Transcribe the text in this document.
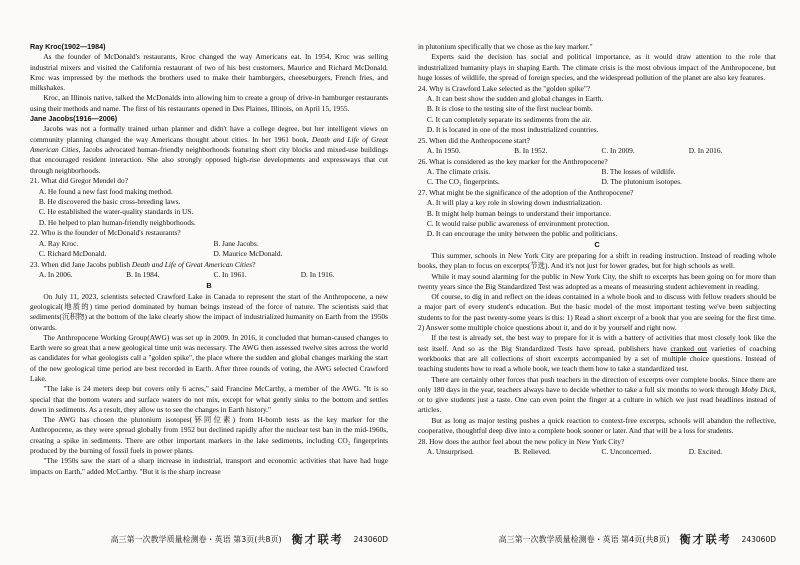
Ray Kroc(1902—1984)

As the founder of McDonald's restaurants, Kroc changed the way Americans eat. In 1954, Kroc was selling industrial mixers and visited the California restaurant of two of his best customers, Maurice and Richard McDonald. Kroc was impressed by the methods the brothers used to make their hamburgers, cheeseburgers, French fries, and milkshakes.

Kroc, an Illinois native, talked the McDonalds into allowing him to create a group of drive-in hamburger restaurants using their methods and name. The first of his restaurants opened in Des Plaines, Illinois, on April 15, 1955.

Jane Jacobs(1916—2006)

Jacobs was not a formally trained urban planner and didn't have a college degree, but her intelligent views on community planning changed the way Americans thought about cities. In her 1961 book, Death and Life of Great American Cities, Jacobs advocated human-friendly neighborhoods featuring short city blocks and mixed-use buildings that encouraged resident interaction. She also strongly opposed high-rise developments and expressways that cut through neighborhoods.

21. What did Gregor Mendel do?

A. He found a new fast food making method.
B. He discovered the basic cross-breeding laws.
C. He established the water-quality standards in US.
D. He helped to plan human-friendly neighborhoods.

22. Who is the founder of McDonald's restaurants?

A. Ray Kroc.	B. Jane Jacobs.
C. Richard McDonald.	D. Maurice McDonald.

23. When did Jane Jacobs publish Death and Life of Great American Cities?

A. In 2006.	B. In 1984.	C. In 1961.	D. In 1916.

B

On July 11, 2023, scientists selected Crawford Lake in Canada to represent the start of the Anthropocene, a new geological(地质的) time period dominated by human beings instead of the force of nature. The scientists said that sediments(沉积物) at the bottom of the lake clearly show the impact of industrialized humanity on Earth from the 1950s onwards.

The Anthropocene Working Group(AWG) was set up in 2009. In 2016, it concluded that human-caused changes to Earth were so great that a new geological time unit was necessary. The AWG then assessed twelve sites across the world as candidates for what geologists call a "golden spike", the place where the sudden and global changes marking the start of the new geological time period are best recorded in Earth. After three rounds of voting, the AWG selected Crawford Lake.

"The lake is 24 meters deep but covers only 6 acres," said Francine McCarthy, a member of the AWG. "It is so special that the bottom waters and surface waters do not mix, except for what gently sinks to the bottom and settles down in sediments. As a result, they allow us to see the changes in Earth history."

The AWG has chosen the plutonium isotopes(钚同位素) from H-bomb tests as the key marker for the Anthropocene, as they were spread globally from 1952 but declined rapidly after the nuclear test ban in the mid-1960s, creating a spike in sediments. There are other important markers in the lake sediments, including CO₂ fingerprints produced by the burning of fossil fuels in power plants.

"The 1950s saw the start of a sharp increase in industrial, transport and economic activities that have had huge impacts on Earth," added McCarthy. "But it is the sharp increase

in plutonium specifically that we chose as the key marker."

Experts said the decision has social and political importance, as it would draw attention to the role that industrialized humanity plays in shaping Earth. The climate crisis is the most obvious impact of the Anthropocene, but huge losses of wildlife, the spread of foreign species, and the widespread pollution of the planet are also key features.

24. Why is Crawford Lake selected as the "golden spike"?

A. It can best show the sudden and global changes in Earth.
B. It is close to the testing site of the first nuclear bomb.
C. It can completely separate its sediments from the air.
D. It is located in one of the most industrialized countries.

25. When did the Anthropocene start?

A. In 1950.	B. In 1952.	C. In 2009.	D. In 2016.

26. What is considered as the key marker for the Anthropocene?

A. The climate crisis.	B. The losses of wildlife.
C. The CO₂ fingerprints.	D. The plutonium isotopes.

27. What might be the significance of the adoption of the Anthropocene?

A. It will play a key role in slowing down industrialization.
B. It might help human beings to understand their importance.
C. It would raise public awareness of environment protection.
D. It can encourage the unity between the public and politicians.

C

This summer, schools in New York City are preparing for a shift in reading instruction. Instead of reading whole books, they plan to focus on excerpts(节选). And it's not just for lower grades, but for high schools as well.

While it may sound alarming for the public in New York City, the shift to excerpts has been going on for more than twenty years since the Big Standardized Test was adopted as a means of measuring student achievement in reading.

Of course, to dig in and reflect on the ideas contained in a whole book and to discuss with fellow readers should be a major part of every student's education. But the basic model of the most important testing we've been subjecting students to for the past twenty-some years is this: 1) Read a short excerpt of a book that you are seeing for the first time. 2) Answer some multiple choice questions about it, and do it by yourself and right now.

If the test is already set, the best way to prepare for it is with a battery of activities that most closely look like the test itself. And so as the Big Standardized Tests have spread, publishers have cranked out varieties of coaching workbooks that are all collections of short excerpts accompanied by a set of multiple choice questions. Instead of teaching students how to read a whole book, we teach them how to take a standardized test.

There are certainly other forces that push teachers in the direction of excerpts over complete books. Since there are only 180 days in the year, teachers always have to decide whether to take a full six months to work through Moby Dick, or to give students just a taste. One can even point the finger at a culture in which we just read headlines instead of articles.

But as long as major testing pushes a quick reaction to context-free excerpts, schools will abandon the reflective, cooperative, thoughtful deep dive into a complete book sooner or later. And that will be a loss for students.

28. How does the author feel about the new policy in New York City?

A. Unsurprised.	B. Relieved.	C. Unconcerned.	D. Excited.
高三第一次教学质量检测卷・英语 第3页(共8页) 衡才联考 243060D	高三第一次教学质量检测卷・英语 第4页(共8页) 衡才联考 243060D
